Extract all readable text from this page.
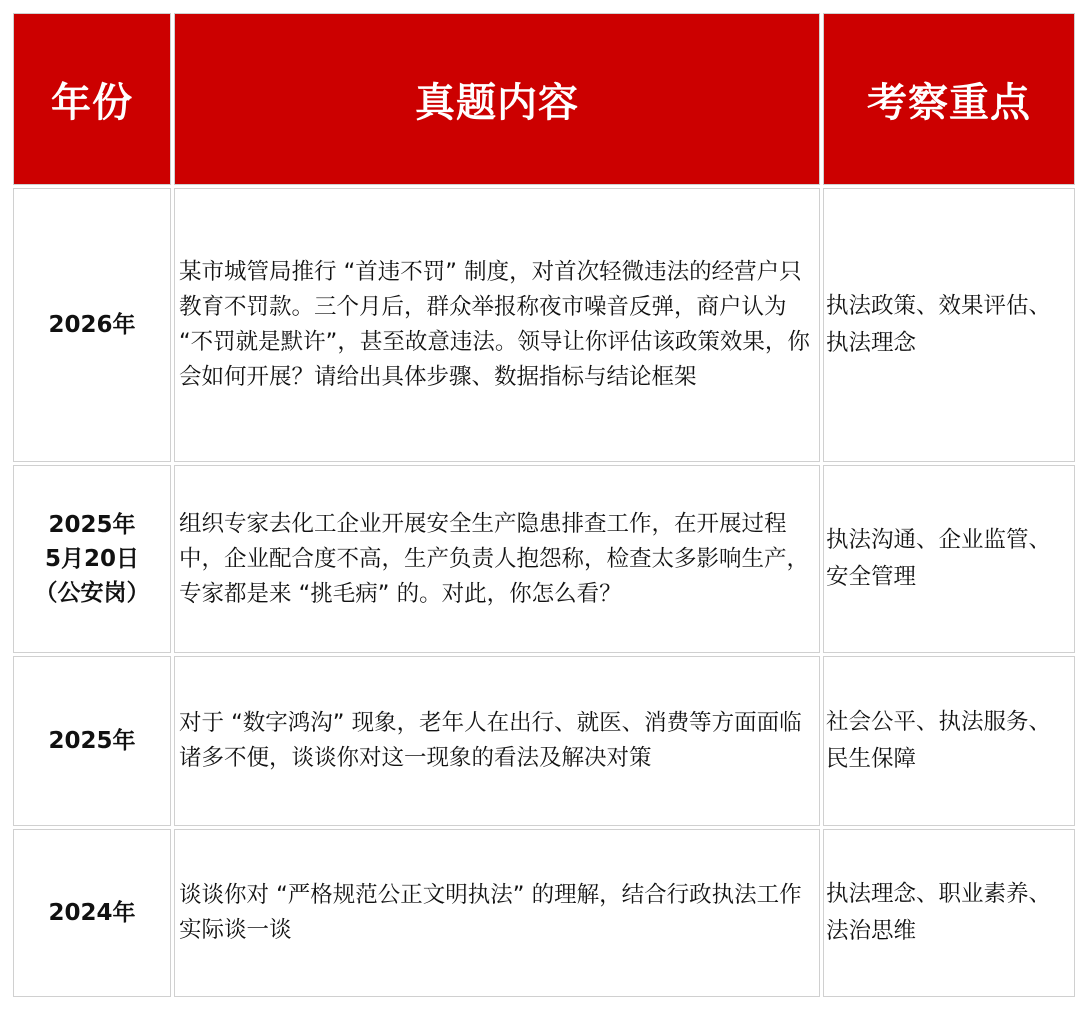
年份	真题内容	考察重点

2026年	某市城管局推行 “首违不罚” 制度，对首次轻微违法的经营户只教育不罚款。三个月后，群众举报称夜市噪音反弹，商户认为 “不罚就是默许”，甚至故意违法。领导让你评估该政策效果，你会如何开展？请给出具体步骤、数据指标与结论框架	执法政策、效果评估、执法理念

2025年
5月20日
（公安岗）	组织专家去化工企业开展安全生产隐患排查工作，在开展过程中，企业配合度不高，生产负责人抱怨称，检查太多影响生产，专家都是来 “挑毛病” 的。对此，你怎么看？	执法沟通、企业监管、安全管理

2025年	对于 “数字鸿沟” 现象，老年人在出行、就医、消费等方面面临诸多不便，谈谈你对这一现象的看法及解决对策	社会公平、执法服务、民生保障

2024年	谈谈你对 “严格规范公正文明执法” 的理解，结合行政执法工作实际谈一谈	执法理念、职业素养、法治思维
